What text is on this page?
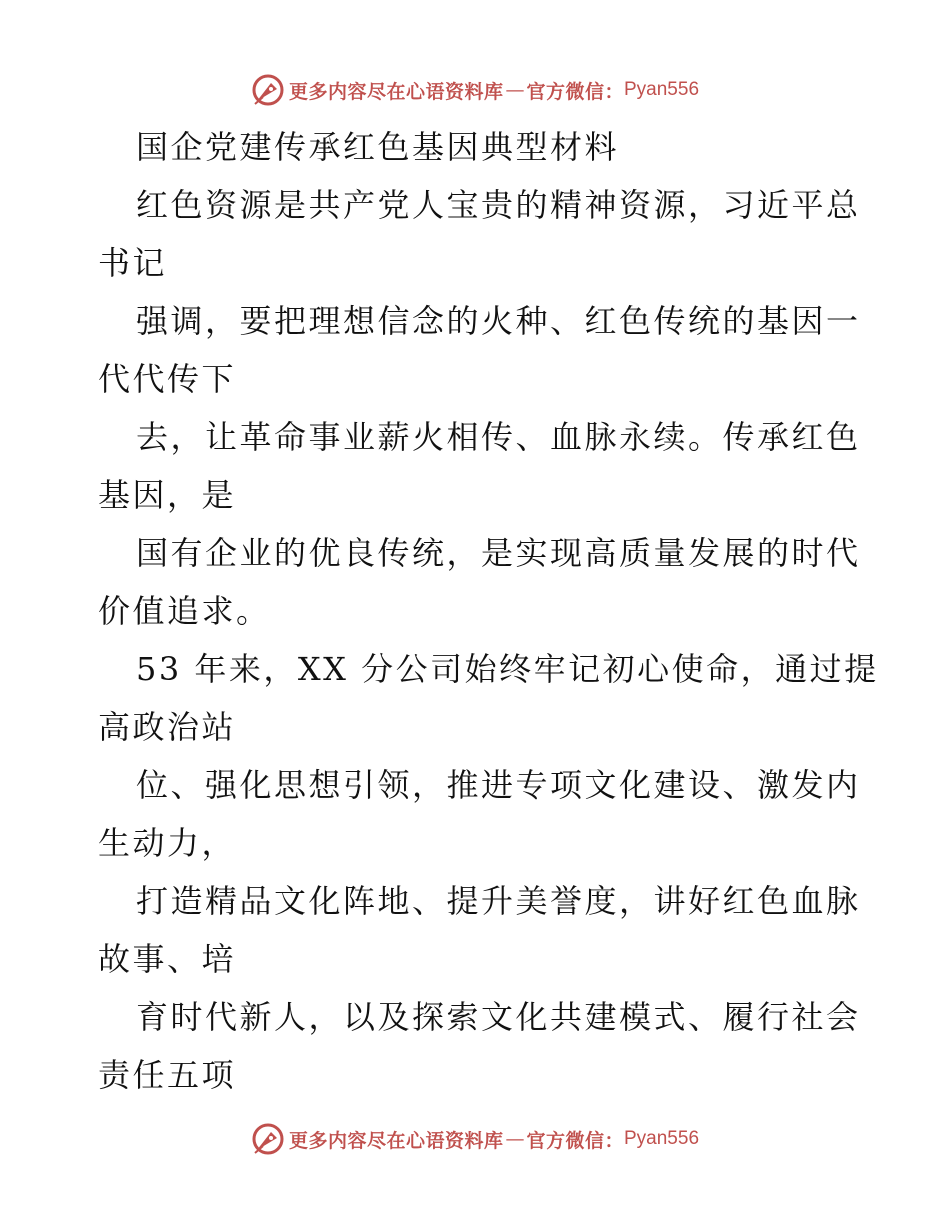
更多内容尽在心语资料库 — 官方微信： Pyan556
国企党建传承红色基因典型材料
红色资源是共产党人宝贵的精神资源，习近平总
书记
强调，要把理想信念的火种、红色传统的基因一
代代传下
去，让革命事业薪火相传、血脉永续。传承红色
基因，是
国有企业的优良传统，是实现高质量发展的时代
价值追求。
53 年来，XX 分公司始终牢记初心使命，通过提
高政治站
位、强化思想引领，推进专项文化建设、激发内
生动力，
打造精品文化阵地、提升美誉度，讲好红色血脉
故事、培
育时代新人，以及探索文化共建模式、履行社会
责任五项
更多内容尽在心语资料库 — 官方微信： Pyan556
